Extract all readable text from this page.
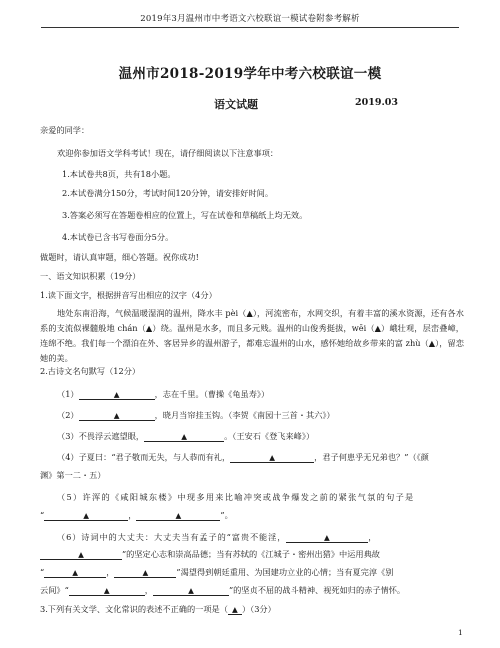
2019年3月温州市中考语文六校联谊一模试卷附参考解析
温州市2018-2019学年中考六校联谊一模
语文试题	2019.03
亲爱的同学：
欢迎你参加语文学科考试！现在，请仔细阅读以下注意事项：
1.本试卷共8页，共有18小题。
2.本试卷满分150分，考试时间120分钟，请安排好时间。
3.答案必须写在答题卷相应的位置上，写在试卷和草稿纸上均无效。
4.本试卷已含书写卷面分5分。
做题时，请认真审题，细心答题。祝你成功!
一、语文知识积累（19分）
1.读下面文字，根据拼音写出相应的汉字（4分）
地处东南沿海，气候温暖湿润的温州，降水丰 pèi（▲），河流密布，水网交织，有着丰富的溪水资源，还有各水系的支流似裸髓般地 chán（▲）绕。温州是水多，而且多元贱。温州的山俊秀挺拔，wēi（▲）峨壮观，层峦叠嶂，连绵不绝。我们每一个漂泊在外、客居异乡的温州游子，都难忘温州的山水，感怀她给故乡带来的富 zhù（▲），留恋她的美。
2.古诗文名句默写（12分）
（1）	▲	，志在千里。（曹操《龟虽寿》）
（2）	▲	，晓月当帘挂玉钩。（李贺《南园十三首・其六》）
（3）不畏浮云遮望眼，	▲	。（王安石《登飞来峰》）
（4）子夏曰：“君子敬而无失，与人恭而有礼，	▲	，君子何患乎无兄弟也？”（《颜
渊》第一二・五）
（5）许浑的《咸阳城东楼》中现多用来比喻冲突或战争爆发之前的紧张气氛的句子是
“	▲	，	▲	”。
（6）诗词中的大丈夫：大丈夫当有孟子的“富贵不能淫，	▲	，
▲	”的坚定心志和崇高品德；当有苏轼的《江城子・密州出猎》中运用典故
“	▲	，	▲	”渴望得到朝廷重用、为国建功立业的心情；当有夏完淳《别
云间》“	▲	，	▲	”的坚贞不屈的战斗精神、视死如归的赤子情怀。
3.下列有关文学、文化常识的表述不正确的一项是（ ▲ ）（3分）
1
